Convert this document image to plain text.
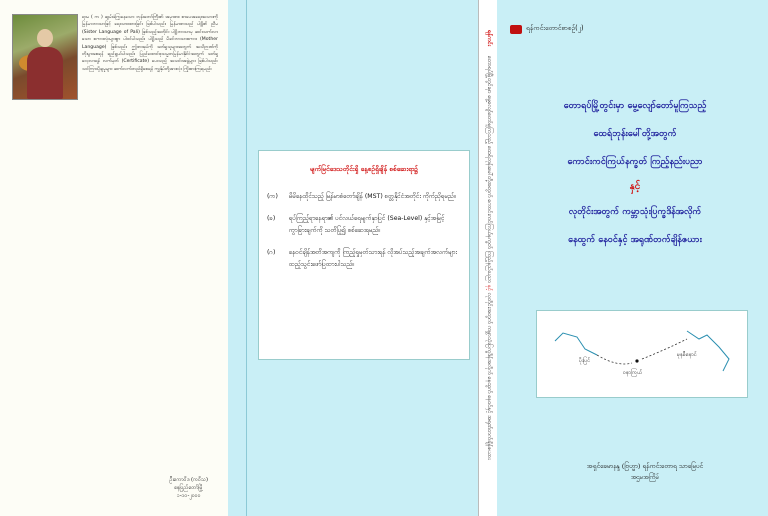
ရာမ ( က ) ဆွမ်းခံကြွနေသော ဘုန်းတော်ကြီး၏ အမှာစာ။ စာပေအရေးအသားကို မြန်မာဘာသာဖြင့် ရေးသားထားခြင်း ဖြစ်ပါသည်။ မြန်မာစာသည် ပါဠိ၏ ညီမ (Sister Language of Pali) ဖြစ်သည့်အတိုင်း ပါဠိဘာသာမှ ဆင်းသက်လာသော စကားလုံးများစွာ ပါဝင်ပါသည်။ ပါဠိသည် မိခင်ဘာသာစကား (Mother Language) ဖြစ်သည်။ ဤစာအုပ်ကို ဖတ်ရှုသူများအတွက် အသိဉာဏ်ကို တိုးပွားစေရန် ရည်ရွယ်ပါသည်။ ပြည်ထောင်စုသမ္မတမြန်မာနိုင်ငံအတွက် ဖတ်ရှုလေ့လာရန် လက်မှတ် (Certificate) ပေးသည့် အသင်းအဖွဲ့များ ဖြစ်ပါသည်။ သင်ကြားပို့ချမှုများ ဆက်လက်တည်ရှိစေရန် ကျွန်ုပ်တို့အားလုံး ကြိုးစားကြရမည်။
ဦးကောဝိဒ (ကဝိသ)
နေပြည်တော်မြို့
၁-၁၀-၂၀၀၀
မျက်မြင်ဒေသတိုင်းရှိ နေ့စဉ်ရှိချိန် စစ်ဆေးရာ၌
(က)	မိမိနေထိုင်သည့် မြန်မာစံတော်ချိန် (MST) စတ္တနိုင်ငံအတိုင်း ကိုက်ညှိရမည်။
(ခ)	ရပ်ကြည့်ရာနေရာ၏ ပင်လယ်ရေမျက်နှာပြင် (Sea-Level) နှင့်အမြင့်ကွာခြားချက်ကို သတိပြု၍ စစ်ဆေးရမည်။
(ဂ)	နေဝင်ချိန်အတိအကျကို ကြည့်ရှုမှတ်သားရန် လိုအပ်သည့်အချက်အလက်များ ထည့်သွင်းဖော်ပြထားပါသည်။
ရန်ကင်း တောရပ်မြို့တွင်းမှာ မွေ့လျော်တော်မူကြသည့် ထေရ်ဘုန်းမေါ်တို့အတွက် ကောင်းကင်ကြယ်နက္ခတ် ကြည့်နည်းပညာ နှင့် လုတိုင်းအတွက် ကမ္ဘာသုံးပြက္ခဒိန်အလိုက် နေထွက် နေဝင်နှင့် အရုဏ်တက်ချိန်ဇယား
ရန်ကင်းတောင်စာစဉ်(၂)
တောရပ်မြို့တွင်းမှာ မွေ့လျော်တော်မူကြသည့်
ထေရ်ဘုန်းမေါ်တို့အတွက်
ကောင်းကင်ကြယ်နက္ခတ် ကြည့်နည်းပညာ
နှင့်
လုတိုင်းအတွက် ကမ္ဘာသုံးပြက္ခဒိန်အလိုက်
နေထွက် နေဝင်နှင့် အရုဏ်တက်ချိန်ဇယား
ပိုးပြင်
ဝနာကြယ်
မုနစီနောင်
အရှင်ခေမာနန္ဒ (ဗြဟ္မာ) ရန်ကင်းတောရ သာမြေပင်
အဌမအကြိမ်
